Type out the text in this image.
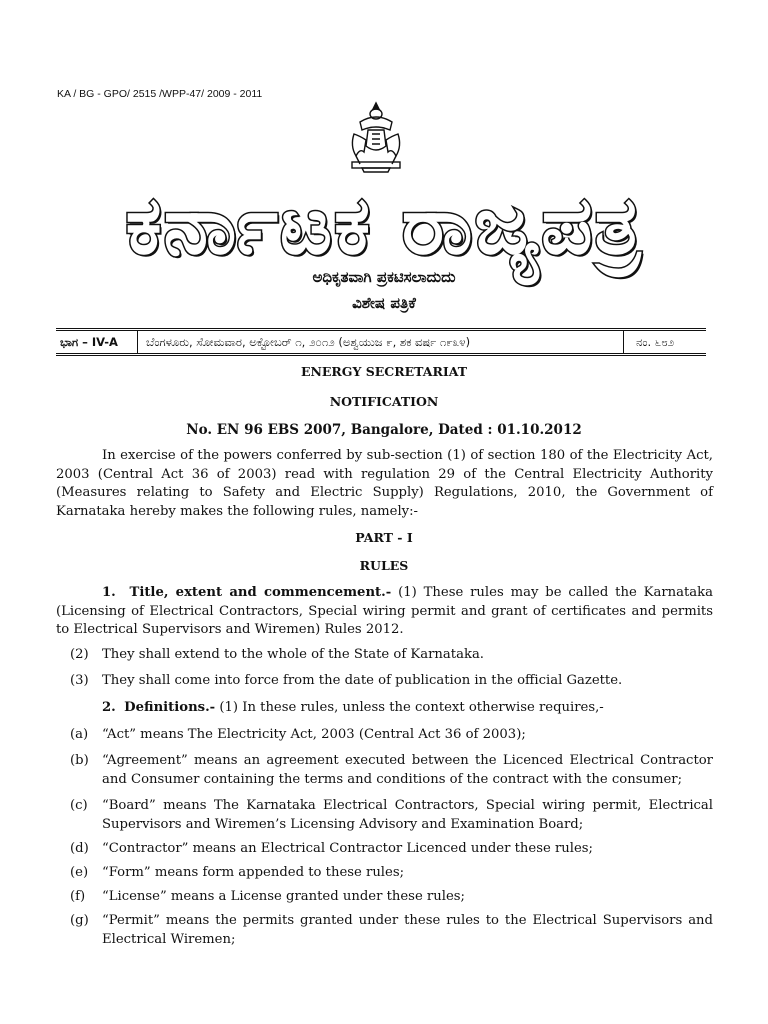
KA / BG - GPO/ 2515 /WPP-47/ 2009 - 2011
ಕರ್ನಾಟಕ ರಾಜ್ಯಪತ್ರ
ಅಧಿಕೃತವಾಗಿ ಪ್ರಕಟಿಸಲಾದುದು
ವಿಶೇಷ ಪತ್ರಿಕೆ
ಭಾಗ – IV-A	ಬೆಂಗಳೂರು, ಸೋಮವಾರ, ಅಕ್ಟೋಬರ್ ೧, ೨೦೧೨ (ಅಶ್ವಯುಜ ೯, ಶಕ ವರ್ಷ ೧೯೩೪)	ನಂ. ೬೮೨
ENERGY SECRETARIAT
NOTIFICATION
No. EN 96 EBS 2007, Bangalore, Dated : 01.10.2012
In exercise of the powers conferred by sub-section (1) of section 180 of the Electricity Act, 2003 (Central Act 36 of 2003) read with regulation 29 of the Central Electricity Authority (Measures relating to Safety and Electric Supply) Regulations, 2010, the Government of Karnataka hereby makes the following rules, namely:-
PART - I
RULES
1. Title, extent and commencement.- (1) These rules may be called the Karnataka (Licensing of Electrical Contractors, Special wiring permit and grant of certificates and permits to Electrical Supervisors and Wiremen) Rules 2012.
(2)	They shall extend to the whole of the State of Karnataka.
(3)	They shall come into force from the date of publication in the official Gazette.
2. Definitions.- (1) In these rules, unless the context otherwise requires,-
(a)	“Act” means The Electricity Act, 2003 (Central Act 36 of 2003);
(b)	“Agreement” means an agreement executed between the Licenced Electrical Contractor and Consumer containing the terms and conditions of the contract with the consumer;
(c)	“Board” means The Karnataka Electrical Contractors, Special wiring permit, Electrical Supervisors and Wiremen’s Licensing Advisory and Examination Board;
(d)	“Contractor” means an Electrical Contractor Licenced under these rules;
(e)	“Form” means form appended to these rules;
(f)	“License” means a License granted under these rules;
(g)	“Permit” means the permits granted under these rules to the Electrical Supervisors and Electrical Wiremen;
